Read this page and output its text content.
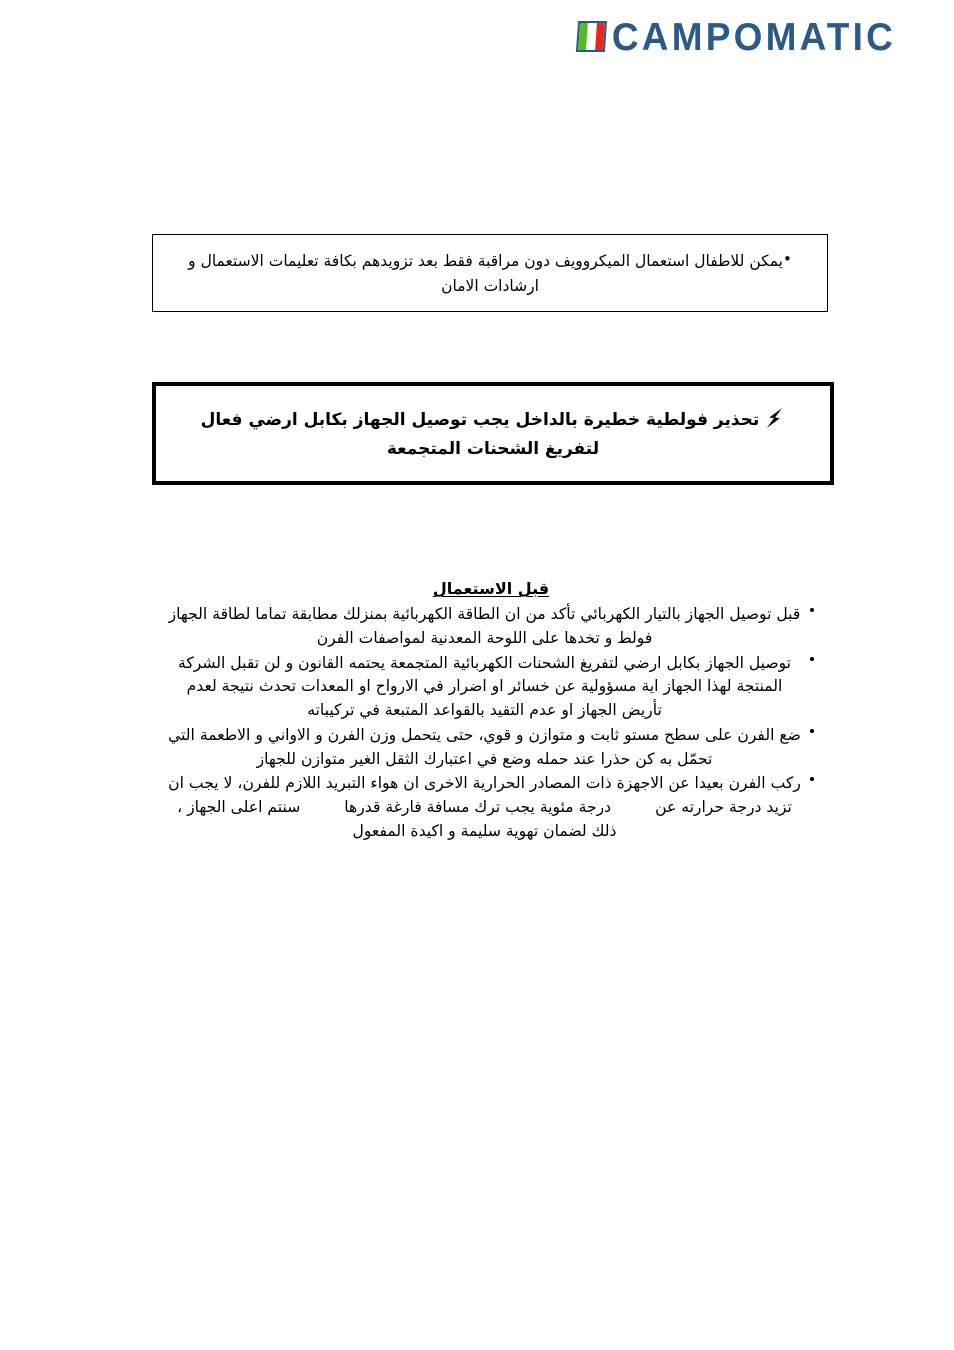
CAMPOMATIC
•يمكن للاطفال استعمال الميكروويف دون مراقبة فقط بعد تزويدهم بكافة تعليمات الاستعمال و ارشادات الامان
تحذير فولطية خطيرة بالداخل يجب توصيل الجهاز بكابل ارضي فعال لتفريغ الشحنات المتجمعة
قبل الاستعمال
قبل توصيل الجهاز بالتيار الكهربائي تأكد من ان الطاقة الكهربائية بمنزلك مطابقة تماما لطاقة الجهاز فولط و تخدها على اللوحة المعدنية لمواصفات الفرن
توصيل الجهاز بكابل ارضي لتفريغ الشحنات الكهربائية المتجمعة يحتمه القانون و لن تقبل الشركة المنتجة لهذا الجهاز اية مسؤولية عن خسائر او اضرار في الارواح او المعدات تحدث نتيجة لعدم تأريض الجهاز او عدم التقيد بالقواعد المتبعة في تركيباته
ضع الفرن على سطح مستو ثابت و متوازن و قوي، حتى يتحمل وزن الفرن و الاواني و الاطعمة التي تحمّل به كن حذرا عند حمله وضع في اعتبارك الثقل الغير متوازن للجهاز
ركب الفرن بعيدا عن الاجهزة ذات المصادر الحرارية الاخرى ان هواء التبريد اللازم للفرن، لا يجب ان تزيد درجة حرارته عندرجة مئوية يجب ترك مسافة فارغة قدرهاسنتم اعلى الجهاز ، ذلك لضمان تهوية سليمة و اكيدة المفعول
